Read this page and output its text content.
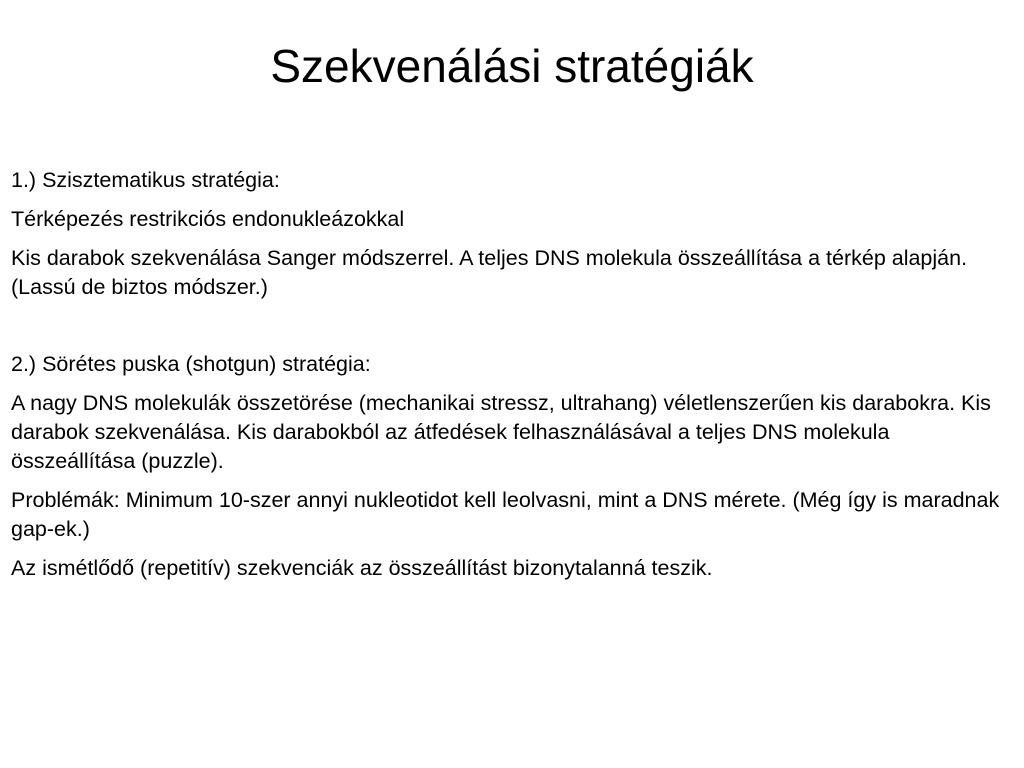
Szekvenálási stratégiák

1.) Szisztematikus stratégia:

Térképezés restrikciós endonukleázokkal

Kis darabok szekvenálása Sanger módszerrel. A teljes DNS molekula összeállítása a térkép alapján. (Lassú de biztos módszer.)

2.) Sörétes puska (shotgun) stratégia:

A nagy DNS molekulák összetörése (mechanikai stressz, ultrahang) véletlenszerűen kis darabokra. Kis darabok szekvenálása. Kis darabokból az átfedések felhasználásával a teljes DNS molekula összeállítása (puzzle).

Problémák: Minimum 10-szer annyi nukleotidot kell leolvasni, mint a DNS mérete. (Még így is maradnak gap-ek.)

Az ismétlődő (repetitív) szekvenciák az összeállítást bizonytalanná teszik.
